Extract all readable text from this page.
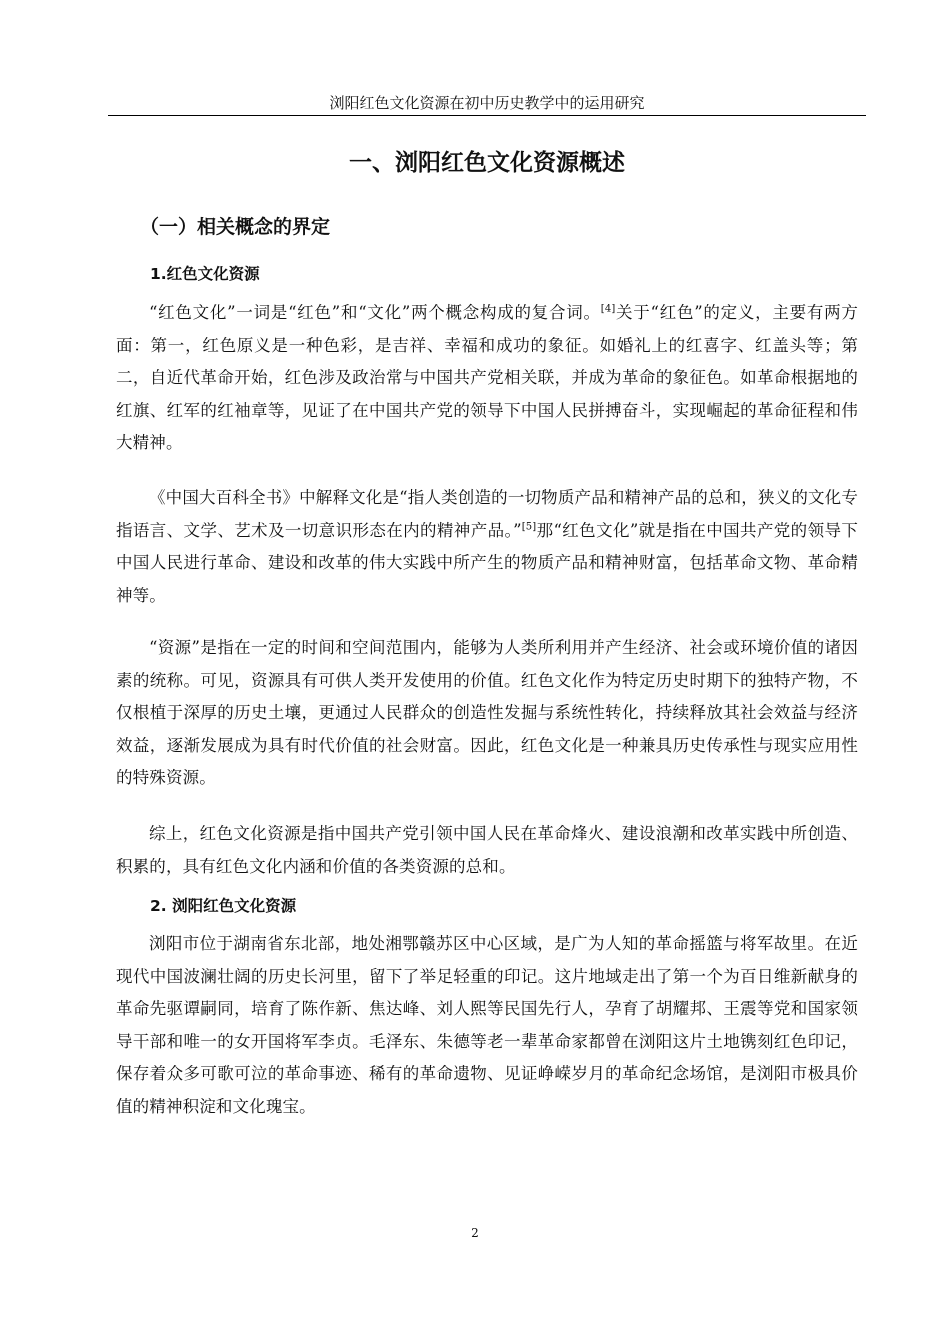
浏阳红色文化资源在初中历史教学中的运用研究
一、浏阳红色文化资源概述
（一）相关概念的界定
1.红色文化资源

“红色文化”一词是“红色”和“文化”两个概念构成的复合词。[4]关于“红色”的定义，主要有两方面：第一，红色原义是一种色彩，是吉祥、幸福和成功的象征。如婚礼上的红喜字、红盖头等；第二，自近代革命开始，红色涉及政治常与中国共产党相关联，并成为革命的象征色。如革命根据地的红旗、红军的红袖章等，见证了在中国共产党的领导下中国人民拼搏奋斗，实现崛起的革命征程和伟大精神。

《中国大百科全书》中解释文化是“指人类创造的一切物质产品和精神产品的总和，狭义的文化专指语言、文学、艺术及一切意识形态在内的精神产品。”[5]那“红色文化”就是指在中国共产党的领导下中国人民进行革命、建设和改革的伟大实践中所产生的物质产品和精神财富，包括革命文物、革命精神等。

“资源”是指在一定的时间和空间范围内，能够为人类所利用并产生经济、社会或环境价值的诸因素的统称。可见，资源具有可供人类开发使用的价值。红色文化作为特定历史时期下的独特产物，不仅根植于深厚的历史土壤，更通过人民群众的创造性发掘与系统性转化，持续释放其社会效益与经济效益，逐渐发展成为具有时代价值的社会财富。因此，红色文化是一种兼具历史传承性与现实应用性的特殊资源。

综上，红色文化资源是指中国共产党引领中国人民在革命烽火、建设浪潮和改革实践中所创造、积累的，具有红色文化内涵和价值的各类资源的总和。

2. 浏阳红色文化资源

浏阳市位于湖南省东北部，地处湘鄂赣苏区中心区域，是广为人知的革命摇篮与将军故里。在近现代中国波澜壮阔的历史长河里，留下了举足轻重的印记。这片地域走出了第一个为百日维新献身的革命先驱谭嗣同，培育了陈作新、焦达峰、刘人熙等民国先行人，孕育了胡耀邦、王震等党和国家领导干部和唯一的女开国将军李贞。毛泽东、朱德等老一辈革命家都曾在浏阳这片土地镌刻红色印记，保存着众多可歌可泣的革命事迹、稀有的革命遗物、见证峥嵘岁月的革命纪念场馆，是浏阳市极具价值的精神积淀和文化瑰宝。

2
